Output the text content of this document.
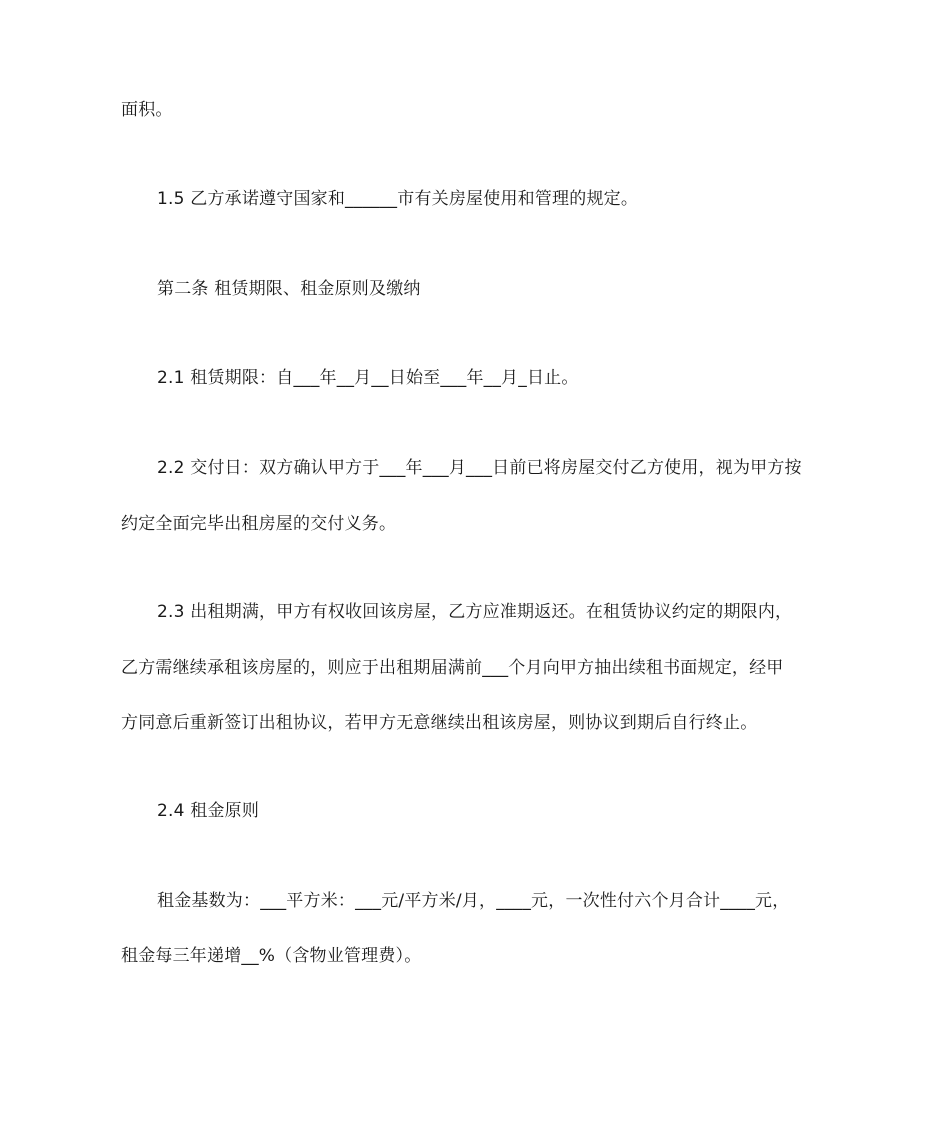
面积。
1.5 乙方承诺遵守国家和______市有关房屋使用和管理的规定。
第二条 租赁期限、租金原则及缴纳
2.1 租赁期限：自___年__月__日始至___年__月_日止。
2.2 交付日：双方确认甲方于___年___月___日前已将房屋交付乙方使用，视为甲方按
约定全面完毕出租房屋的交付义务。
2.3 出租期满，甲方有权收回该房屋，乙方应准期返还。在租赁协议约定的期限内，
乙方需继续承租该房屋的，则应于出租期届满前___个月向甲方抽出续租书面规定，经甲
方同意后重新签订出租协议，若甲方无意继续出租该房屋，则协议到期后自行终止。
2.4 租金原则
租金基数为：___平方米：___元/平方米/月，____元，一次性付六个月合计____元，
租金每三年递增__%（含物业管理费）。
